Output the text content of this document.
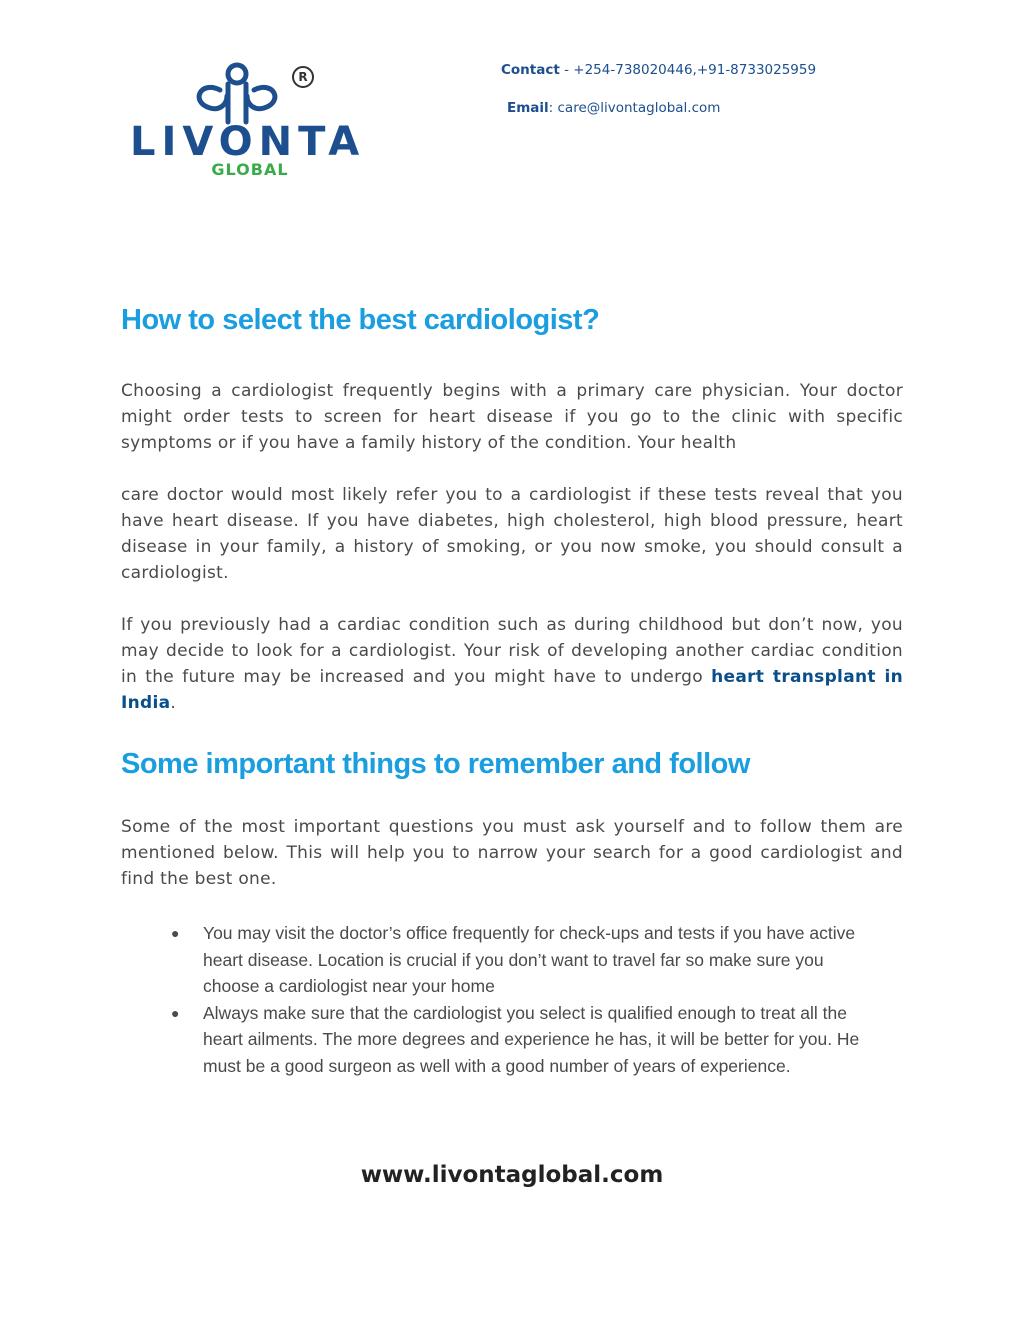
R
LIVONTA
GLOBAL
Contact - +254-738020446,+91-8733025959
Email: care@livontaglobal.com
How to select the best cardiologist?

Choosing a cardiologist frequently begins with a primary care physician. Your doctor might order tests to screen for heart disease if you go to the clinic with specific symptoms or if you have a family history of the condition. Your health

care doctor would most likely refer you to a cardiologist if these tests reveal that you have heart disease. If you have diabetes, high cholesterol, high blood pressure, heart disease in your family, a history of smoking, or you now smoke, you should consult a cardiologist.

If you previously had a cardiac condition such as during childhood but don’t now, you may decide to look for a cardiologist. Your risk of developing another cardiac condition in the future may be increased and you might have to undergo heart transplant in India.

Some important things to remember and follow

Some of the most important questions you must ask yourself and to follow them are mentioned below. This will help you to narrow your search for a good cardiologist and find the best one.

● You may visit the doctor’s office frequently for check-ups and tests if you have active heart disease. Location is crucial if you don’t want to travel far so make sure you choose a cardiologist near your home
● Always make sure that the cardiologist you select is qualified enough to treat all the heart ailments. The more degrees and experience he has, it will be better for you. He must be a good surgeon as well with a good number of years of experience.
www.livontaglobal.com
